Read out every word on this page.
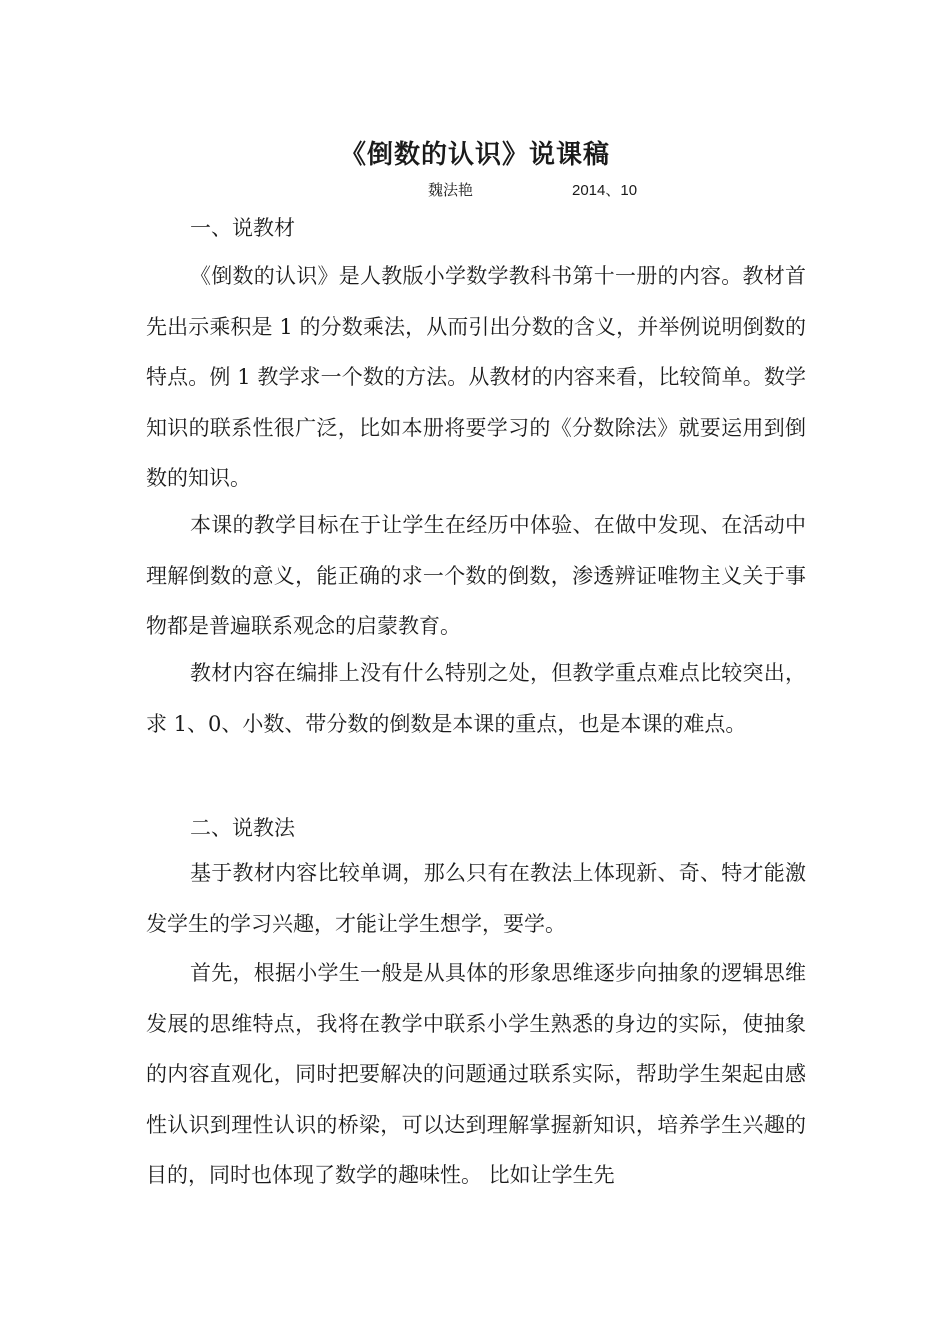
《倒数的认识》说课稿
魏法艳	2014、10
一、说教材

《倒数的认识》是人教版小学数学教科书第十一册的内容。教材首先出示乘积是 1 的分数乘法，从而引出分数的含义，并举例说明倒数的特点。例 1 教学求一个数的方法。从教材的内容来看，比较简单。数学知识的联系性很广泛，比如本册将要学习的《分数除法》就要运用到倒数的知识。

本课的教学目标在于让学生在经历中体验、在做中发现、在活动中理解倒数的意义，能正确的求一个数的倒数，渗透辨证唯物主义关于事物都是普遍联系观念的启蒙教育。

教材内容在编排上没有什么特别之处，但教学重点难点比较突出，求 1、0、小数、带分数的倒数是本课的重点，也是本课的难点。

二、说教法

基于教材内容比较单调，那么只有在教法上体现新、奇、特才能激发学生的学习兴趣，才能让学生想学，要学。

首先，根据小学生一般是从具体的形象思维逐步向抽象的逻辑思维发展的思维特点，我将在教学中联系小学生熟悉的身边的实际，使抽象的内容直观化，同时把要解决的问题通过联系实际，帮助学生架起由感性认识到理性认识的桥梁，可以达到理解掌握新知识，培养学生兴趣的目的，同时也体现了数学的趣味性。 比如让学生先
